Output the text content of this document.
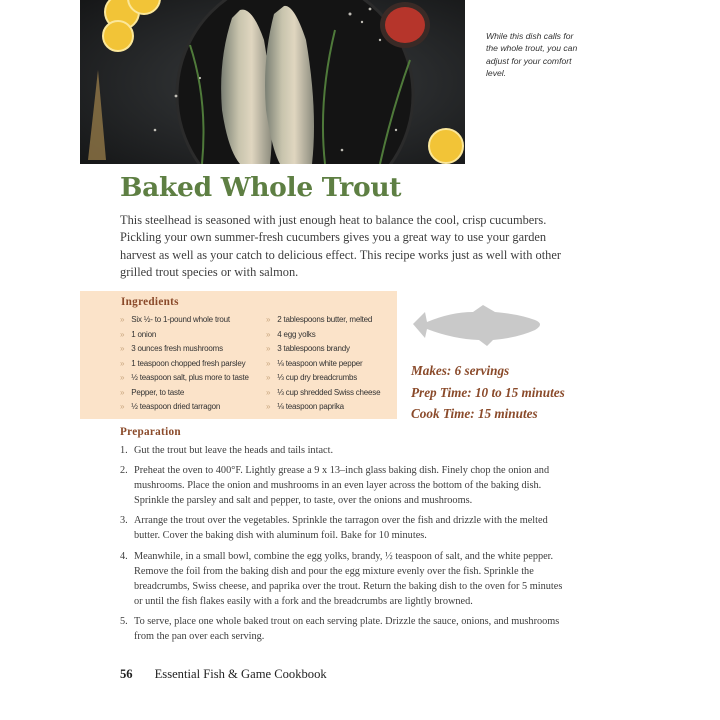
While this dish calls for the whole trout, you can adjust for your comfort level.
Baked Whole Trout

This steelhead is seasoned with just enough heat to balance the cool, crisp cucumbers. Pickling your own summer-fresh cucumbers gives you a great way to use your garden harvest as well as your catch to delicious effect. This recipe works just as well with other grilled trout species or with salmon.

Ingredients
» Six ½- to 1-pound whole trout
» 1 onion
» 3 ounces fresh mushrooms
» 1 teaspoon chopped fresh parsley
» ½ teaspoon salt, plus more to taste
» Pepper, to taste
» ½ teaspoon dried tarragon
» 2 tablespoons butter, melted
» 4 egg yolks
» 3 tablespoons brandy
» ⅛ teaspoon white pepper
» ⅓ cup dry breadcrumbs
» ⅓ cup shredded Swiss cheese
» ⅛ teaspoon paprika
Makes: 6 servings
Prep Time: 10 to 15 minutes
Cook Time: 15 minutes
Preparation
1. Gut the trout but leave the heads and tails intact.
2. Preheat the oven to 400°F. Lightly grease a 9 x 13–inch glass baking dish. Finely chop the onion and mushrooms. Place the onion and mushrooms in an even layer across the bottom of the baking dish. Sprinkle the parsley and salt and pepper, to taste, over the onions and mushrooms.
3. Arrange the trout over the vegetables. Sprinkle the tarragon over the fish and drizzle with the melted butter. Cover the baking dish with aluminum foil. Bake for 10 minutes.
4. Meanwhile, in a small bowl, combine the egg yolks, brandy, ½ teaspoon of salt, and the white pepper. Remove the foil from the baking dish and pour the egg mixture evenly over the fish. Sprinkle the breadcrumbs, Swiss cheese, and paprika over the trout. Return the baking dish to the oven for 5 minutes or until the fish flakes easily with a fork and the breadcrumbs are lightly browned.
5. To serve, place one whole baked trout on each serving plate. Drizzle the sauce, onions, and mushrooms from the pan over each serving.
56 Essential Fish & Game Cookbook
